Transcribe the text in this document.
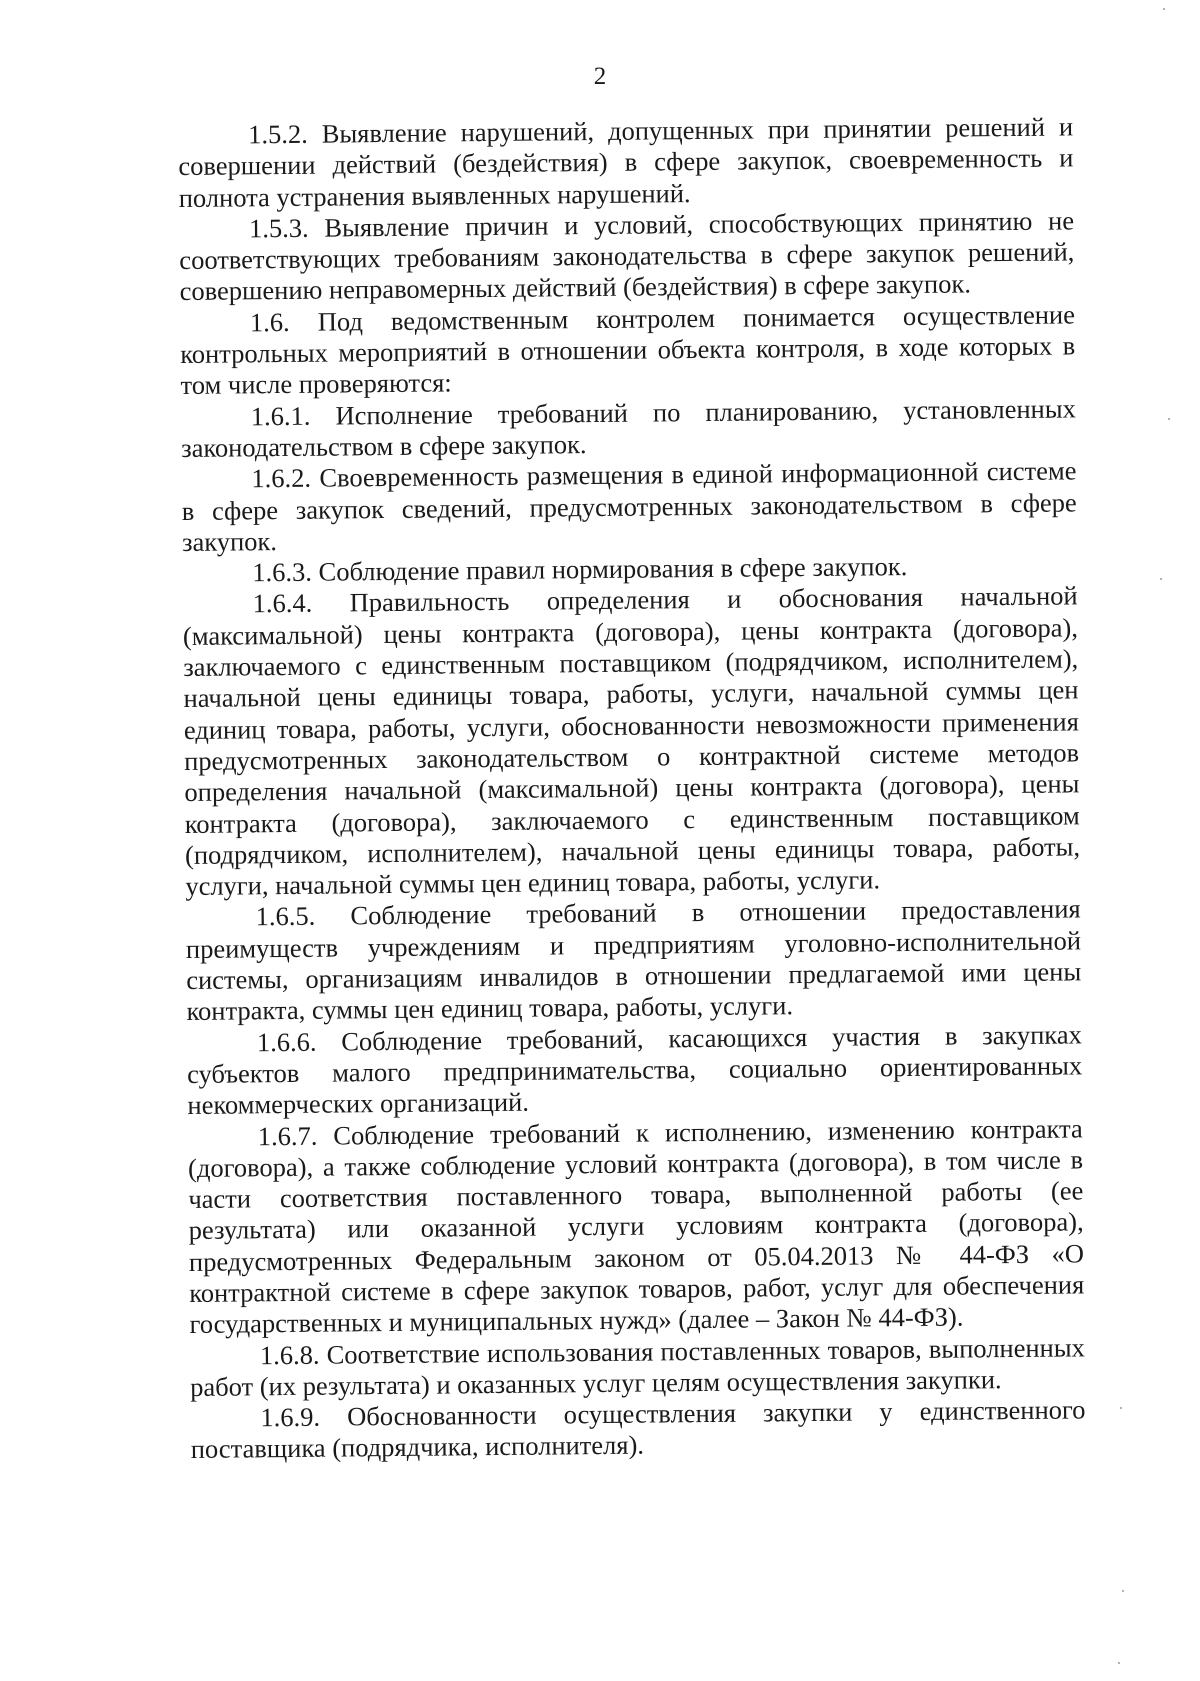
2

1.5.2. Выявление нарушений, допущенных при принятии решений и совершении действий (бездействия) в сфере закупок, своевременность и полнота устранения выявленных нарушений.

1.5.3. Выявление причин и условий, способствующих принятию не соответствующих требованиям законодательства в сфере закупок решений, совершению неправомерных действий (бездействия) в сфере закупок.

1.6. Под ведомственным контролем понимается осуществление контрольных мероприятий в отношении объекта контроля, в ходе которых в том числе проверяются:

1.6.1. Исполнение требований по планированию, установленных законодательством в сфере закупок.

1.6.2. Своевременность размещения в единой информационной системе в сфере закупок сведений, предусмотренных законодательством в сфере закупок.

1.6.3. Соблюдение правил нормирования в сфере закупок.

1.6.4. Правильность определения и обоснования начальной (максимальной) цены контракта (договора), цены контракта (договора), заключаемого с единственным поставщиком (подрядчиком, исполнителем), начальной цены единицы товара, работы, услуги, начальной суммы цен единиц товара, работы, услуги, обоснованности невозможности применения предусмотренных законодательством о контрактной системе методов определения начальной (максимальной) цены контракта (договора), цены контракта (договора), заключаемого с единственным поставщиком (подрядчиком, исполнителем), начальной цены единицы товара, работы, услуги, начальной суммы цен единиц товара, работы, услуги.

1.6.5. Соблюдение требований в отношении предоставления преимуществ учреждениям и предприятиям уголовно-исполнительной системы, организациям инвалидов в отношении предлагаемой ими цены контракта, суммы цен единиц товара, работы, услуги.

1.6.6. Соблюдение требований, касающихся участия в закупках субъектов малого предпринимательства, социально ориентированных некоммерческих организаций.

1.6.7. Соблюдение требований к исполнению, изменению контракта (договора), а также соблюдение условий контракта (договора), в том числе в части соответствия поставленного товара, выполненной работы (ее результата) или оказанной услуги условиям контракта (договора), предусмотренных Федеральным законом от 05.04.2013 № 44-ФЗ «О контрактной системе в сфере закупок товаров, работ, услуг для обеспечения государственных и муниципальных нужд» (далее – Закон № 44-ФЗ).

1.6.8. Соответствие использования поставленных товаров, выполненных работ (их результата) и оказанных услуг целям осуществления закупки.

1.6.9. Обоснованности осуществления закупки у единственного поставщика (подрядчика, исполнителя).
